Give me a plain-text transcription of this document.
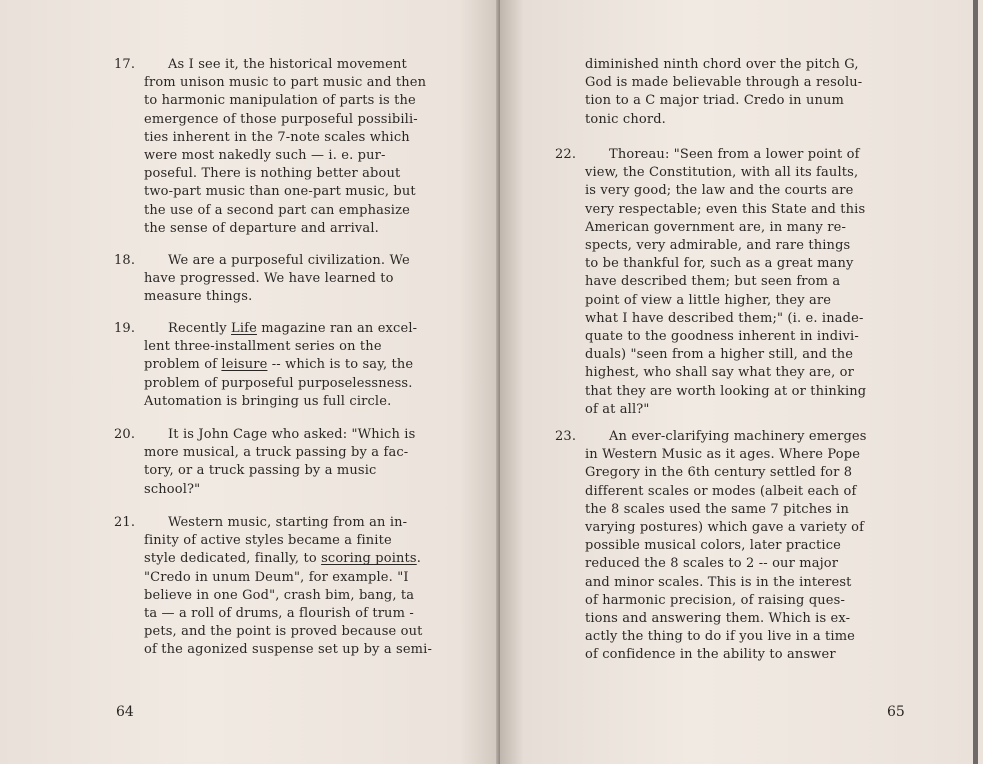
17.	As I see it, the historical movement
from unison music to part music and then
to harmonic manipulation of parts is the
emergence of those purposeful possibili-
ties inherent in the 7-note scales which
were most nakedly such — i. e. pur-
poseful. There is nothing better about
two-part music than one-part music, but
the use of a second part can emphasize
the sense of departure and arrival.
18.	We are a purposeful civilization. We
have progressed. We have learned to
measure things.
19.	Recently Life magazine ran an excel-
lent three-installment series on the
problem of leisure -- which is to say, the
problem of purposeful purposelessness.
Automation is bringing us full circle.
20.	It is John Cage who asked: "Which is
more musical, a truck passing by a fac-
tory, or a truck passing by a music
school?"
21.	Western music, starting from an in-
finity of active styles became a finite
style dedicated, finally, to scoring points.
"Credo in unum Deum", for example. "I
believe in one God", crash bim, bang, ta
ta — a roll of drums, a flourish of trum -
pets, and the point is proved because out
of the agonized suspense set up by a semi-
64
diminished ninth chord over the pitch G,
God is made believable through a resolu-
tion to a C major triad. Credo in unum
tonic chord.
22.	Thoreau: "Seen from a lower point of
view, the Constitution, with all its faults,
is very good; the law and the courts are
very respectable; even this State and this
American government are, in many re-
spects, very admirable, and rare things
to be thankful for, such as a great many
have described them; but seen from a
point of view a little higher, they are
what I have described them;" (i. e. inade-
quate to the goodness inherent in indivi-
duals) "seen from a higher still, and the
highest, who shall say what they are, or
that they are worth looking at or thinking
of at all?"
23.	An ever-clarifying machinery emerges
in Western Music as it ages. Where Pope
Gregory in the 6th century settled for 8
different scales or modes (albeit each of
the 8 scales used the same 7 pitches in
varying postures) which gave a variety of
possible musical colors, later practice
reduced the 8 scales to 2 -- our major
and minor scales. This is in the interest
of harmonic precision, of raising ques-
tions and answering them. Which is ex-
actly the thing to do if you live in a time
of confidence in the ability to answer
65
